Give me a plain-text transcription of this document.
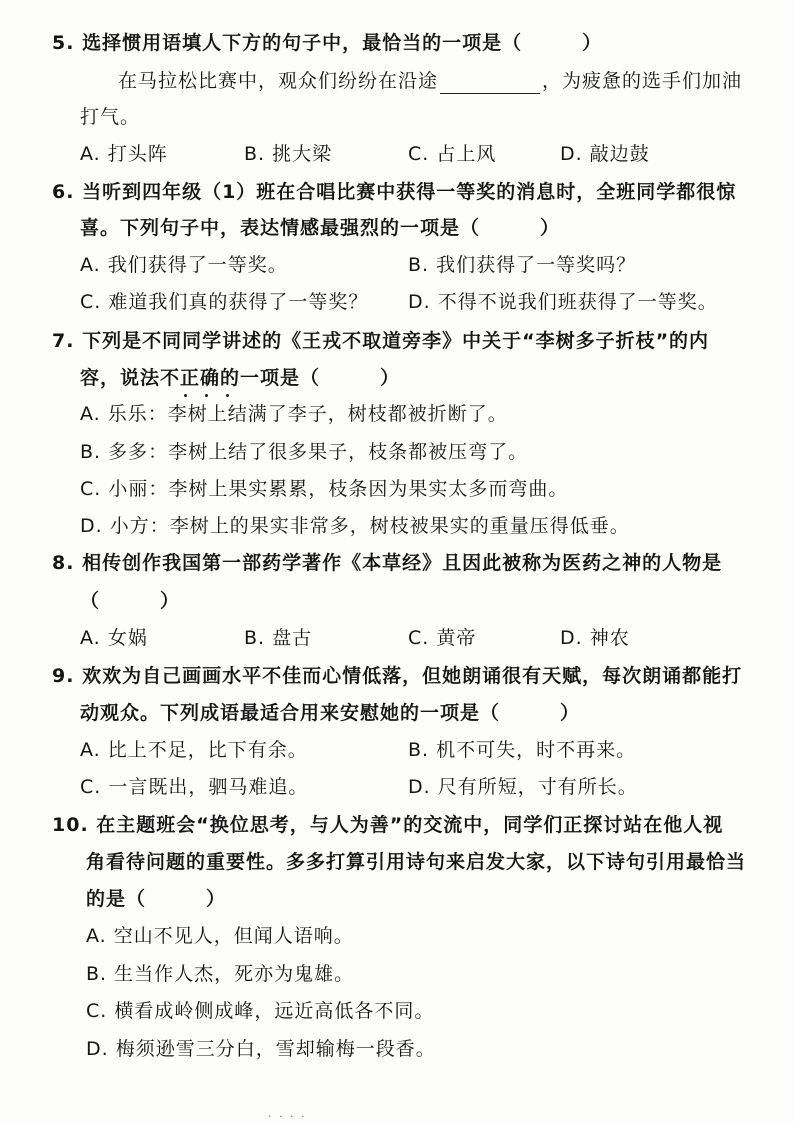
5. 选择惯用语填人下方的句子中，最恰当的一项是（　　　）
在马拉松比赛中，观众们纷纷在沿途	，为疲惫的选手们加油
打气。
A. 打头阵	B. 挑大梁	C. 占上风	D. 敲边鼓
6. 当听到四年级（1）班在合唱比赛中获得一等奖的消息时，全班同学都很惊
喜。下列句子中，表达情感最强烈的一项是（　　　）
A. 我们获得了一等奖。	B. 我们获得了一等奖吗？
C. 难道我们真的获得了一等奖？ D. 不得不说我们班获得了一等奖。
7. 下列是不同同学讲述的《王戎不取道旁李》中关于“李树多子折枝”的内
容，说法不正确的一项是（　　　）
A. 乐乐：李树上结满了李子，树枝都被折断了。
B. 多多：李树上结了很多果子，枝条都被压弯了。
C. 小丽：李树上果实累累，枝条因为果实太多而弯曲。
D. 小方：李树上的果实非常多，树枝被果实的重量压得低垂。
8. 相传创作我国第一部药学著作《本草经》且因此被称为医药之神的人物是
（　　　）
A. 女娲	B. 盘古	C. 黄帝	D. 神农
9. 欢欢为自己画画水平不佳而心情低落，但她朗诵很有天赋，每次朗诵都能打
动观众。下列成语最适合用来安慰她的一项是（　　　）
A. 比上不足，比下有余。	B. 机不可失，时不再来。
C. 一言既出，驷马难追。	D. 尺有所短，寸有所长。
10. 在主题班会“换位思考，与人为善”的交流中，同学们正探讨站在他人视
角看待问题的重要性。多多打算引用诗句来启发大家，以下诗句引用最恰当
的是（　　　）
A. 空山不见人，但闻人语响。
B. 生当作人杰，死亦为鬼雄。
C. 横看成岭侧成峰，远近高低各不同。
D. 梅须逊雪三分白，雪却输梅一段香。
· · · ·
